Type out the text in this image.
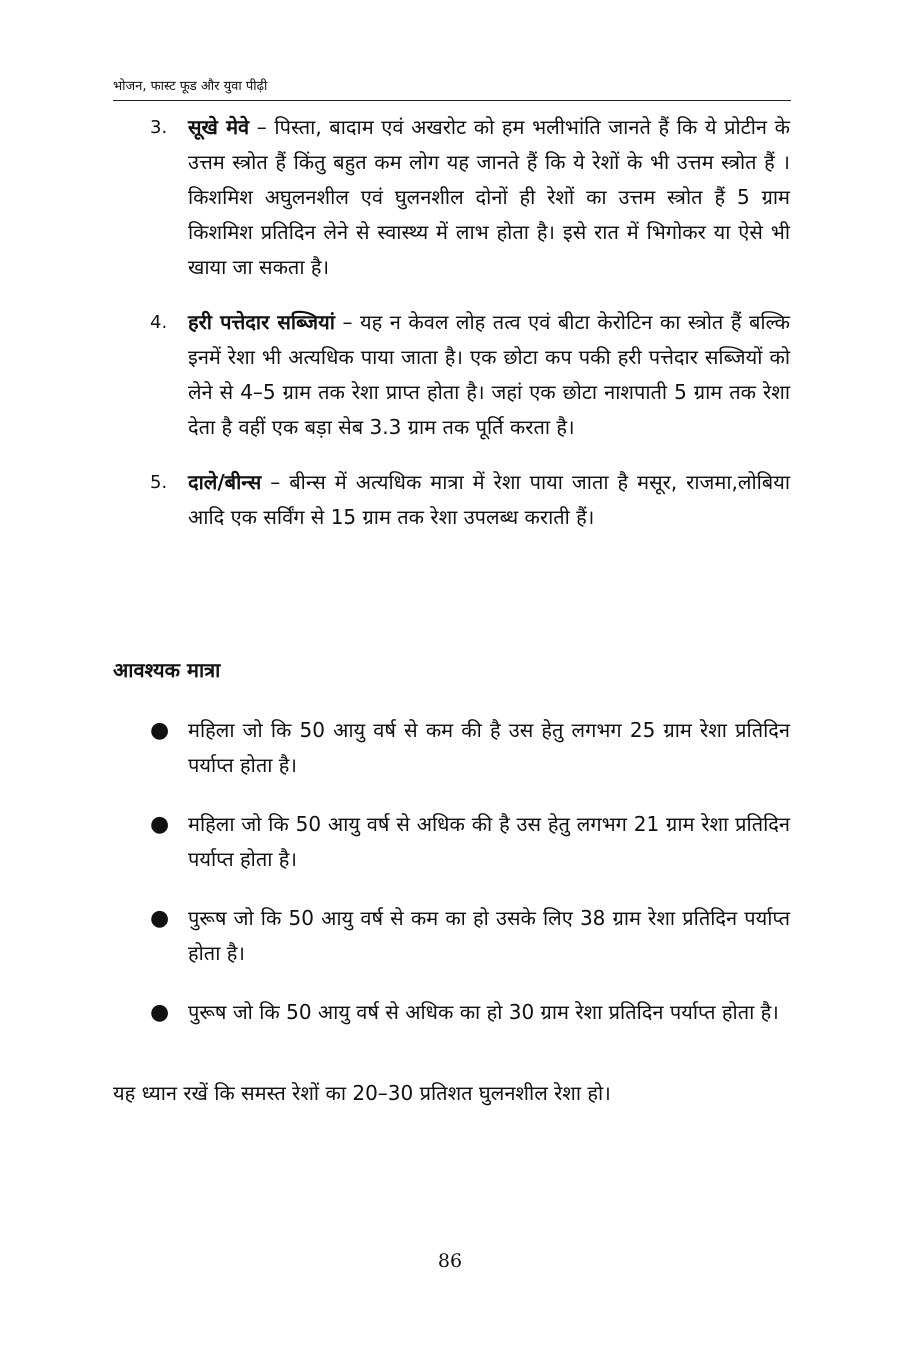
भोजन, फास्ट फूड और युवा पीढ़ी
3.	सूखे मेवे – पिस्ता, बादाम एवं अखरोट को हम भलीभांति जानते हैं कि ये प्रोटीन के उत्तम स्त्रोत हैं किंतु बहुत कम लोग यह जानते हैं कि ये रेशों के भी उत्तम स्त्रोत हैं । किशमिश अघुलनशील एवं घुलनशील दोनों ही रेशों का उत्तम स्त्रोत हैं 5 ग्राम किशमिश प्रतिदिन लेने से स्वास्थ्य में लाभ होता है। इसे रात में भिगोकर या ऐसे भी खाया जा सकता है।
4.	हरी पत्तेदार सब्जियां – यह न केवल लोह तत्व एवं बीटा केरोटिन का स्त्रोत हैं बल्कि इनमें रेशा भी अत्यधिक पाया जाता है। एक छोटा कप पकी हरी पत्तेदार सब्जियों को लेने से 4–5 ग्राम तक रेशा प्राप्त होता है। जहां एक छोटा नाशपाती 5 ग्राम तक रेशा देता है वहीं एक बड़ा सेब 3.3 ग्राम तक पूर्ति करता है।
5.	दाले/बीन्स – बीन्स में अत्यधिक मात्रा में रेशा पाया जाता है मसूर, राजमा,लोबिया आदि एक सर्विंग से 15 ग्राम तक रेशा उपलब्ध कराती हैं।
आवश्यक मात्रा
● महिला जो कि 50 आयु वर्ष से कम की है उस हेतु लगभग 25 ग्राम रेशा प्रतिदिन पर्याप्त होता है।
● महिला जो कि 50 आयु वर्ष से अधिक की है उस हेतु लगभग 21 ग्राम रेशा प्रतिदिन पर्याप्त होता है।
● पुरूष जो कि 50 आयु वर्ष से कम का हो उसके लिए 38 ग्राम रेशा प्रतिदिन पर्याप्त होता है।
● पुरूष जो कि 50 आयु वर्ष से अधिक का हो 30 ग्राम रेशा प्रतिदिन पर्याप्त होता है।
यह ध्यान रखें कि समस्त रेशों का 20–30 प्रतिशत घुलनशील रेशा हो।
86
